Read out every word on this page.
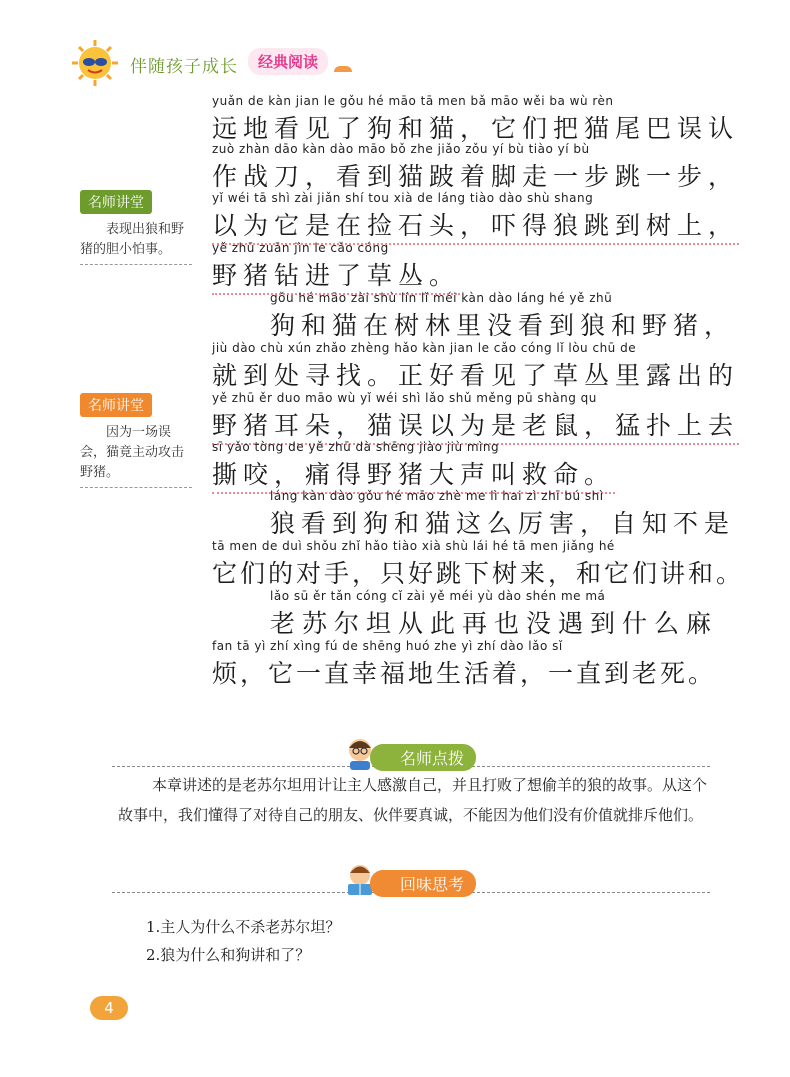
伴随孩子成长	经典阅读
yuǎn de kàn jian le gǒu hé māo tā men bǎ māo wěi ba wù rèn
远地看见了狗和猫，它们把猫尾巴误认
zuò zhàn dāo kàn dào māo bǒ zhe jiǎo zǒu yí bù tiào yí bù
作战刀，看到猫跛着脚走一步跳一步，
yǐ wéi tā shì zài jiǎn shí tou xià de láng tiào dào shù shang
以为它是在捡石头，吓得狼跳到树上，
yě zhū zuān jìn le cǎo cóng
野猪钻进了草丛。
gǒu hé māo zài shù lín lǐ méi kàn dào láng hé yě zhū
狗和猫在树林里没看到狼和野猪，
jiù dào chù xún zhǎo zhèng hǎo kàn jian le cǎo cóng lǐ lòu chū de
就到处寻找。正好看见了草丛里露出的
yě zhū ěr duo māo wù yǐ wéi shì lǎo shǔ měng pū shàng qu
野猪耳朵，猫误以为是老鼠，猛扑上去
sī yǎo tòng de yě zhū dà shēng jiào jiù mìng
撕咬，痛得野猪大声叫救命。
láng kàn dào gǒu hé māo zhè me lì hai zì zhī bú shì
狼看到狗和猫这么厉害，自知不是
tā men de duì shǒu zhǐ hǎo tiào xià shù lái hé tā men jiǎng hé
它们的对手，只好跳下树来，和它们讲和。
lǎo sū ěr tǎn cóng cǐ zài yě méi yù dào shén me má
老苏尔坦从此再也没遇到什么麻
fan tā yì zhí xìng fú de shēng huó zhe yì zhí dào lǎo sǐ
烦，它一直幸福地生活着，一直到老死。
名师讲堂
表现出狼和野猪的胆小怕事。
名师讲堂
因为一场误会，猫竟主动攻击野猪。
名师点拨
本章讲述的是老苏尔坦用计让主人感激自己，并且打败了想偷羊的狼的故事。从这个故事中，我们懂得了对待自己的朋友、伙伴要真诚，不能因为他们没有价值就排斥他们。
回味思考
1.主人为什么不杀老苏尔坦？
2.狼为什么和狗讲和了？
4
